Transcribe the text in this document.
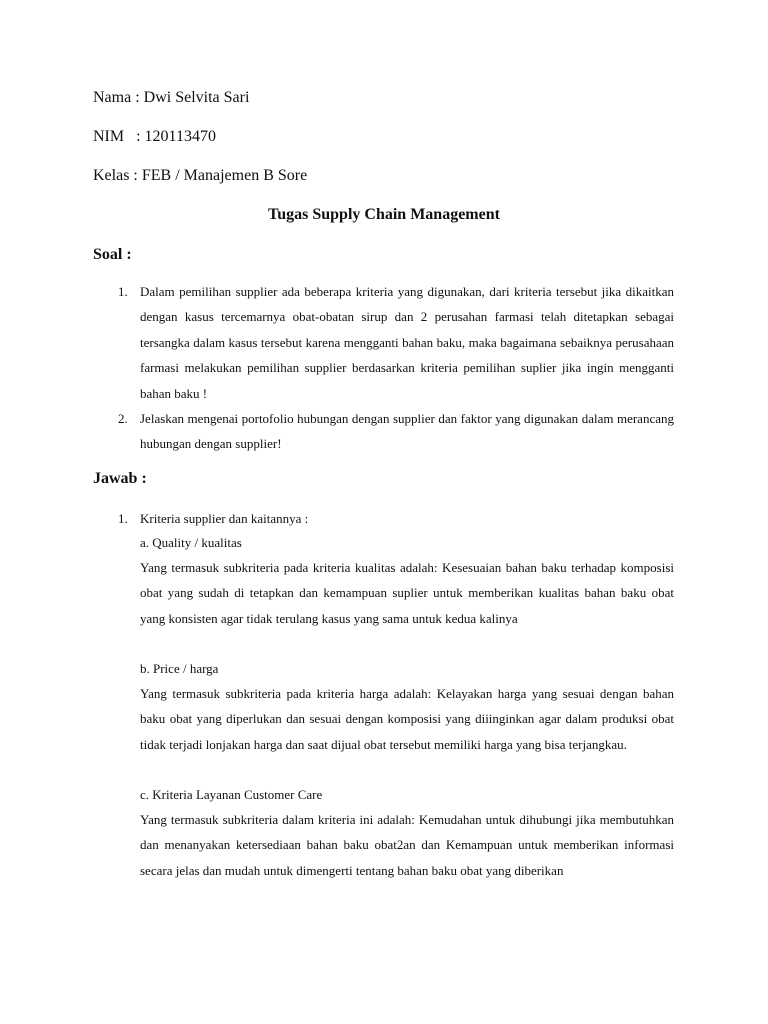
Nama : Dwi Selvita Sari
NIM   : 120113470
Kelas : FEB / Manajemen B Sore
Tugas Supply Chain Management
Soal :
1. Dalam pemilihan supplier ada beberapa kriteria yang digunakan, dari kriteria tersebut jika dikaitkan dengan kasus tercemarnya obat-obatan sirup dan 2 perusahan farmasi telah ditetapkan sebagai tersangka dalam kasus tersebut karena mengganti bahan baku, maka bagaimana sebaiknya perusahaan farmasi melakukan pemilihan supplier berdasarkan kriteria pemilihan suplier jika ingin mengganti bahan baku !
2. Jelaskan mengenai portofolio hubungan dengan supplier dan faktor yang digunakan dalam merancang hubungan dengan supplier!
Jawab :
1. Kriteria supplier dan kaitannya :
a. Quality / kualitas
Yang termasuk subkriteria pada kriteria kualitas adalah: Kesesuaian bahan baku terhadap komposisi obat yang sudah di tetapkan dan kemampuan suplier untuk memberikan kualitas bahan baku obat yang konsisten agar tidak terulang kasus yang sama untuk kedua kalinya
b. Price / harga
Yang termasuk subkriteria pada kriteria harga adalah: Kelayakan harga yang sesuai dengan bahan baku obat yang diperlukan dan sesuai dengan komposisi yang diiinginkan agar dalam produksi obat tidak terjadi lonjakan harga dan saat dijual obat tersebut memiliki harga yang bisa terjangkau.
c. Kriteria Layanan Customer Care
Yang termasuk subkriteria dalam kriteria ini adalah: Kemudahan untuk dihubungi jika membutuhkan dan menanyakan ketersediaan bahan baku obat2an dan Kemampuan untuk memberikan informasi secara jelas dan mudah untuk dimengerti tentang bahan baku obat yang diberikan
